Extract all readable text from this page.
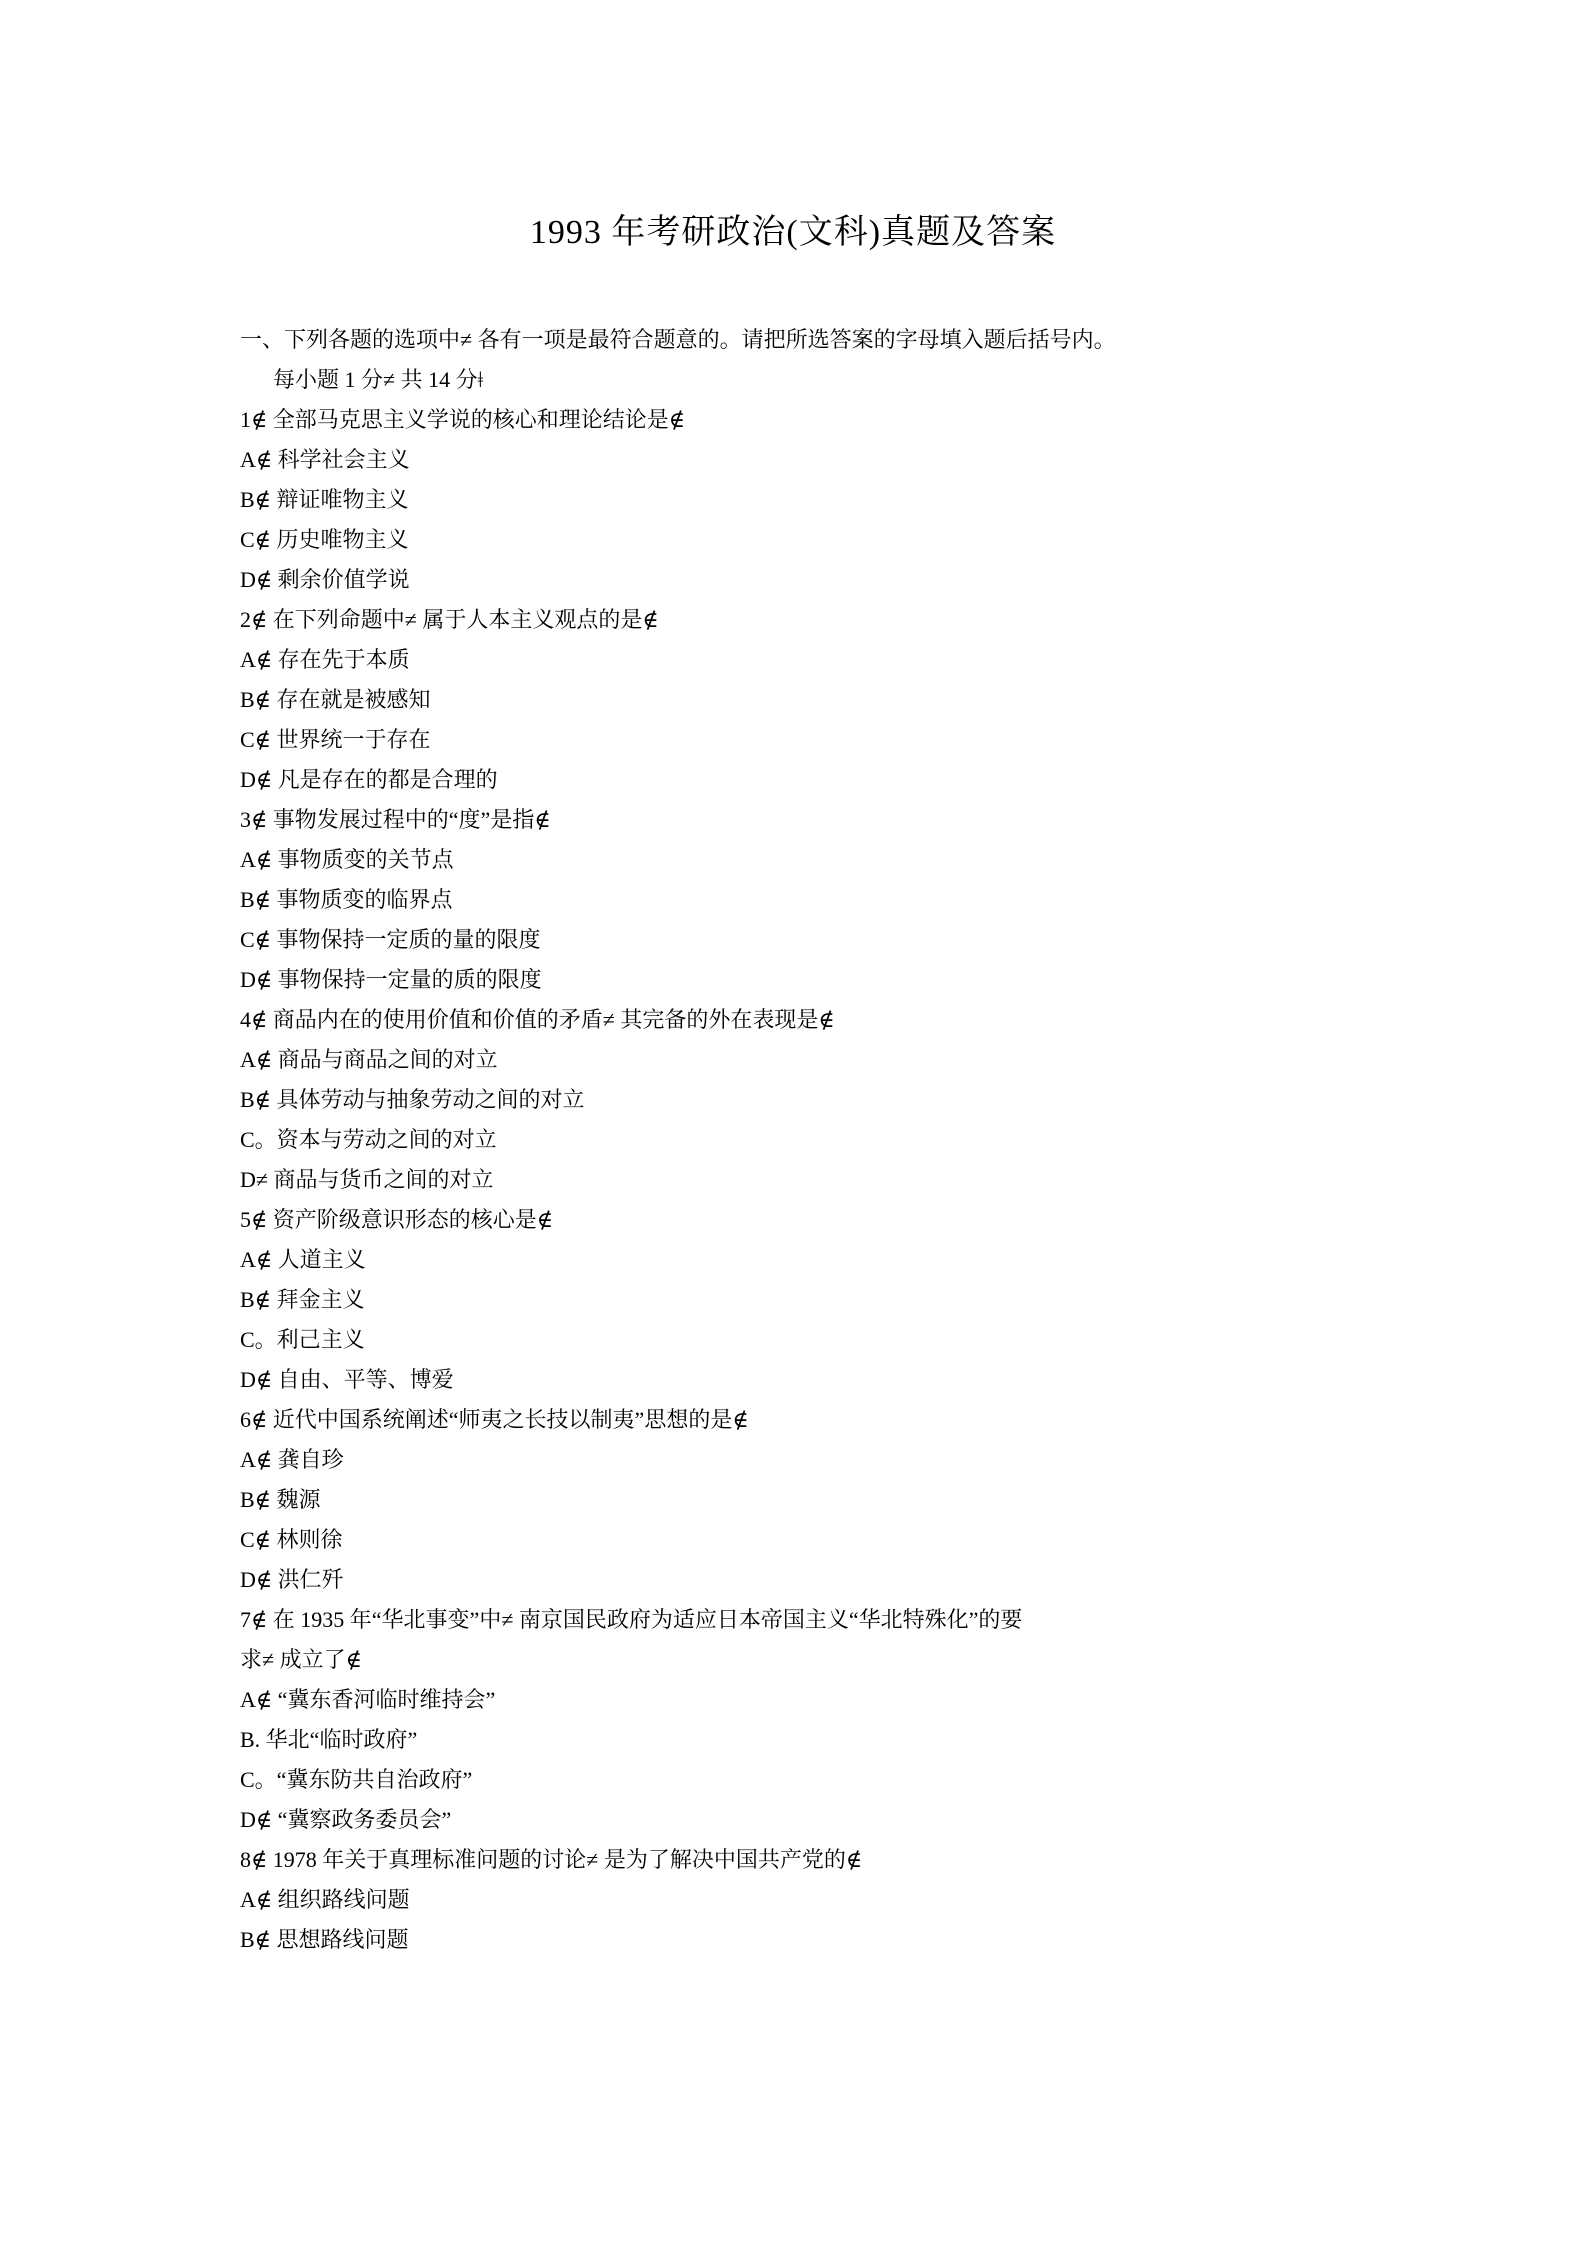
1993 年考研政治(文科)真题及答案

一、下列各题的选项中≠ 各有一项是最符合题意的。请把所选答案的字母填入题后括号内。

每小题 1 分≠ 共 14 分ǂ

1∉ 全部马克思主义学说的核心和理论结论是∉

A∉ 科学社会主义

B∉ 辩证唯物主义

C∉ 历史唯物主义

D∉ 剩余价值学说

2∉ 在下列命题中≠ 属于人本主义观点的是∉

A∉ 存在先于本质

B∉ 存在就是被感知

C∉ 世界统一于存在

D∉ 凡是存在的都是合理的

3∉ 事物发展过程中的“度”是指∉

A∉ 事物质变的关节点

B∉ 事物质变的临界点

C∉ 事物保持一定质的量的限度

D∉ 事物保持一定量的质的限度

4∉ 商品内在的使用价值和价值的矛盾≠ 其完备的外在表现是∉

A∉ 商品与商品之间的对立

B∉ 具体劳动与抽象劳动之间的对立

C。资本与劳动之间的对立

D≠ 商品与货币之间的对立

5∉ 资产阶级意识形态的核心是∉

A∉ 人道主义

B∉ 拜金主义

C。利己主义

D∉ 自由、平等、博爱

6∉ 近代中国系统阐述“师夷之长技以制夷”思想的是∉

A∉ 龚自珍

B∉ 魏源

C∉ 林则徐

D∉ 洪仁歼

7∉ 在 1935 年“华北事变”中≠ 南京国民政府为适应日本帝国主义“华北特殊化”的要

求≠ 成立了∉

A∉ “冀东香河临时维持会”

B. 华北“临时政府”

C。“冀东防共自治政府”

D∉ “冀察政务委员会”

8∉ 1978 年关于真理标准问题的讨论≠ 是为了解决中国共产党的∉

A∉ 组织路线问题

B∉ 思想路线问题
